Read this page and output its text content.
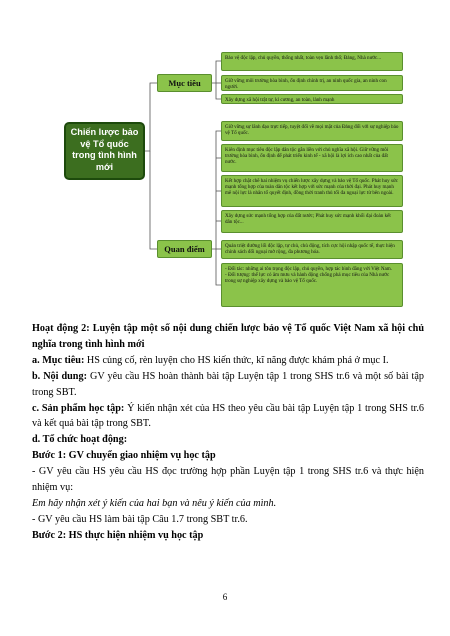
Chiến lược bảo vệ Tổ quốc trong tình hình mới
Mục tiêu
Quan điểm
Bảo vệ độc lập, chủ quyền, thống nhất, toàn vẹn lãnh thổ; Đảng, Nhà nước...
Giữ vững môi trường hòa bình, ổn định chính trị, an ninh quốc gia, an ninh con người.
Xây dựng xã hội trật tự, kỉ cương, an toàn, lành mạnh
Giữ vững sự lãnh đạo trực tiếp, tuyệt đối về mọi mặt của Đảng đối với sự nghiệp bảo vệ Tổ quốc.
Kiên định mục tiêu độc lập dân tộc gắn liền với chủ nghĩa xã hội. Giữ vững môi trường hòa bình, ổn định để phát triển kinh tế - xã hội là lợi ích cao nhất của đất nước.
Kết hợp chặt chẽ hai nhiệm vụ chiến lược xây dựng và bảo vệ Tổ quốc. Phát huy sức mạnh tổng hợp của toàn dân tộc kết hợp với sức mạnh của thời đại. Phát huy mạnh mẽ nội lực là nhân tố quyết định, đồng thời tranh thủ tối đa ngoại lực từ bên ngoài.
Xây dựng sức mạnh tổng hợp của đất nước; Phát huy sức mạnh khối đại đoàn kết dân tộc...
Quán triệt đường lối độc lập, tự chủ, chủ động, tích cực hội nhập quốc tế, thực hiện chính sách đối ngoại mở rộng, đa phương hóa.
- Đối tác: những ai tôn trọng độc lập, chủ quyền, hợp tác bình đẳng với Việt Nam.
- Đối tượng: thế lực có âm mưu và hành động chống phá mục tiêu của Nhà nước trong sự nghiệp xây dựng và bảo vệ Tổ quốc.

Hoạt động 2: Luyện tập một số nội dung chiến lược bảo vệ Tổ quốc Việt Nam xã hội chủ nghĩa trong tình hình mới

a. Mục tiêu: HS củng cố, rèn luyện cho HS kiến thức, kĩ năng được khám phá ở mục I.

b. Nội dung: GV yêu cầu HS hoàn thành bài tập Luyện tập 1 trong SHS tr.6 và một số bài tập trong SBT.

c. Sản phẩm học tập: Ý kiến nhận xét của HS theo yêu cầu bài tập Luyện tập 1 trong SHS tr.6 và kết quả bài tập trong SBT.

d. Tổ chức hoạt động:

Bước 1: GV chuyển giao nhiệm vụ học tập

- GV yêu cầu HS yêu cầu HS đọc trường hợp phần Luyện tập 1 trong SHS tr.6 và thực hiện nhiệm vụ:

Em hãy nhận xét ý kiến của hai bạn và nêu ý kiến của mình.

- GV yêu cầu HS làm bài tập Câu 1.7 trong SBT tr.6.

Bước 2: HS thực hiện nhiệm vụ học tập

6
